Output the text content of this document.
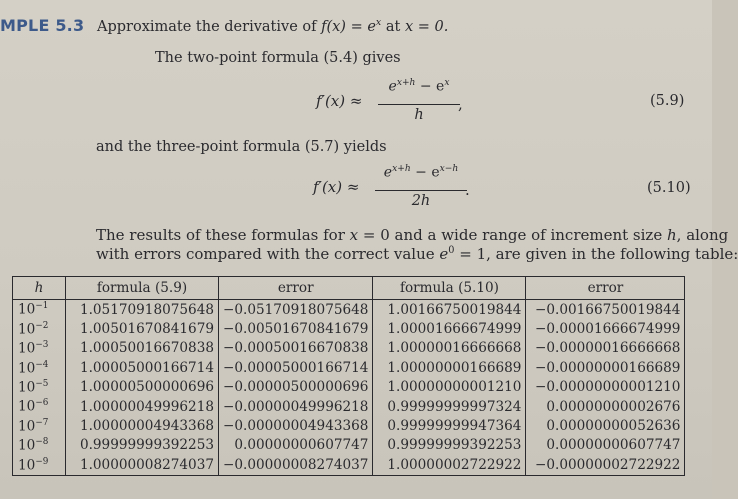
MPLE 5.3 Approximate the derivative of $f(x) = e^x$ at x = 0.
The two-point formula (5.4) gives
f′(x) ≈
$e^{x+h} - e^x$
h
,	(5.9)
and the three-point formula (5.7) yields
f′(x) ≈
$e^{x+h} - e^{x-h}$
2h
.	(5.10)
The results of these formulas for x = 0 and a wide range of increment size h, along
with errors compared with the correct value $e^0 = 1$, are given in the following table:
h	formula (5.9)	error	formula (5.10)	error
$10^{-1}$	1.05170918075648	−0.05170918075648	1.00166750019844	−0.00166750019844
$10^{-2}$	1.00501670841679	−0.00501670841679	1.00001666674999	−0.00001666674999
$10^{-3}$	1.00050016670838	−0.00050016670838	1.00000016666668	−0.00000016666668
$10^{-4}$	1.00005000166714	−0.00005000166714	1.00000000166689	−0.00000000166689
$10^{-5}$	1.00000500000696	−0.00000500000696	1.00000000001210	−0.00000000001210
$10^{-6}$	1.00000049996218	−0.00000049996218	0.99999999997324	0.00000000002676
$10^{-7}$	1.00000004943368	−0.00000004943368	0.99999999947364	0.00000000052636
$10^{-8}$	0.99999999392253	0.00000000607747	0.99999999392253	0.00000000607747
$10^{-9}$	1.00000008274037	−0.00000008274037	1.00000002722922	−0.00000002722922
